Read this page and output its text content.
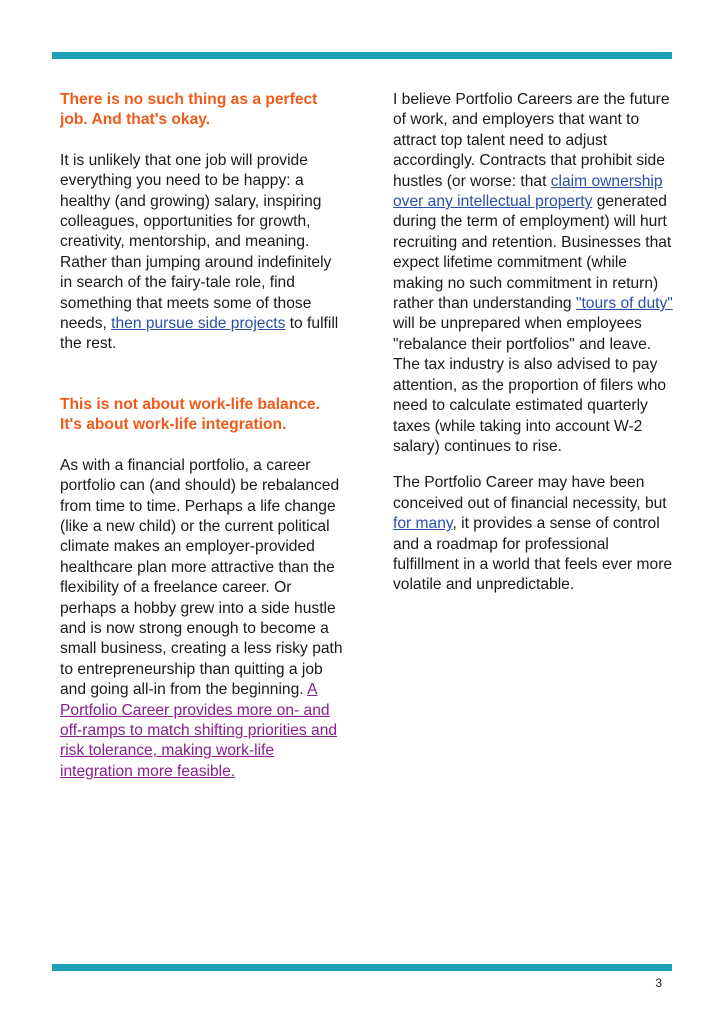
There is no such thing as a perfect job. And that's okay.

It is unlikely that one job will provide everything you need to be happy: a healthy (and growing) salary, inspiring colleagues, opportunities for growth, creativity, mentorship, and meaning. Rather than jumping around indefinitely in search of the fairy-tale role, find something that meets some of those needs, then pursue side projects to fulfill the rest.

This is not about work-life balance. It's about work-life integration.

As with a financial portfolio, a career portfolio can (and should) be rebalanced from time to time. Perhaps a life change (like a new child) or the current political climate makes an employer-provided healthcare plan more attractive than the flexibility of a freelance career. Or perhaps a hobby grew into a side hustle and is now strong enough to become a small business, creating a less risky path to entrepreneurship than quitting a job and going all-in from the beginning. A Portfolio Career provides more on- and off-ramps to match shifting priorities and risk tolerance, making work-life integration more feasible.

I believe Portfolio Careers are the future of work, and employers that want to attract top talent need to adjust accordingly. Contracts that prohibit side hustles (or worse: that claim ownership over any intellectual property generated during the term of employment) will hurt recruiting and retention. Businesses that expect lifetime commitment (while making no such commitment in return) rather than understanding "tours of duty" will be unprepared when employees "rebalance their portfolios" and leave. The tax industry is also advised to pay attention, as the proportion of filers who need to calculate estimated quarterly taxes (while taking into account W-2 salary) continues to rise.

The Portfolio Career may have been conceived out of financial necessity, but for many, it provides a sense of control and a roadmap for professional fulfillment in a world that feels ever more volatile and unpredictable.

3
